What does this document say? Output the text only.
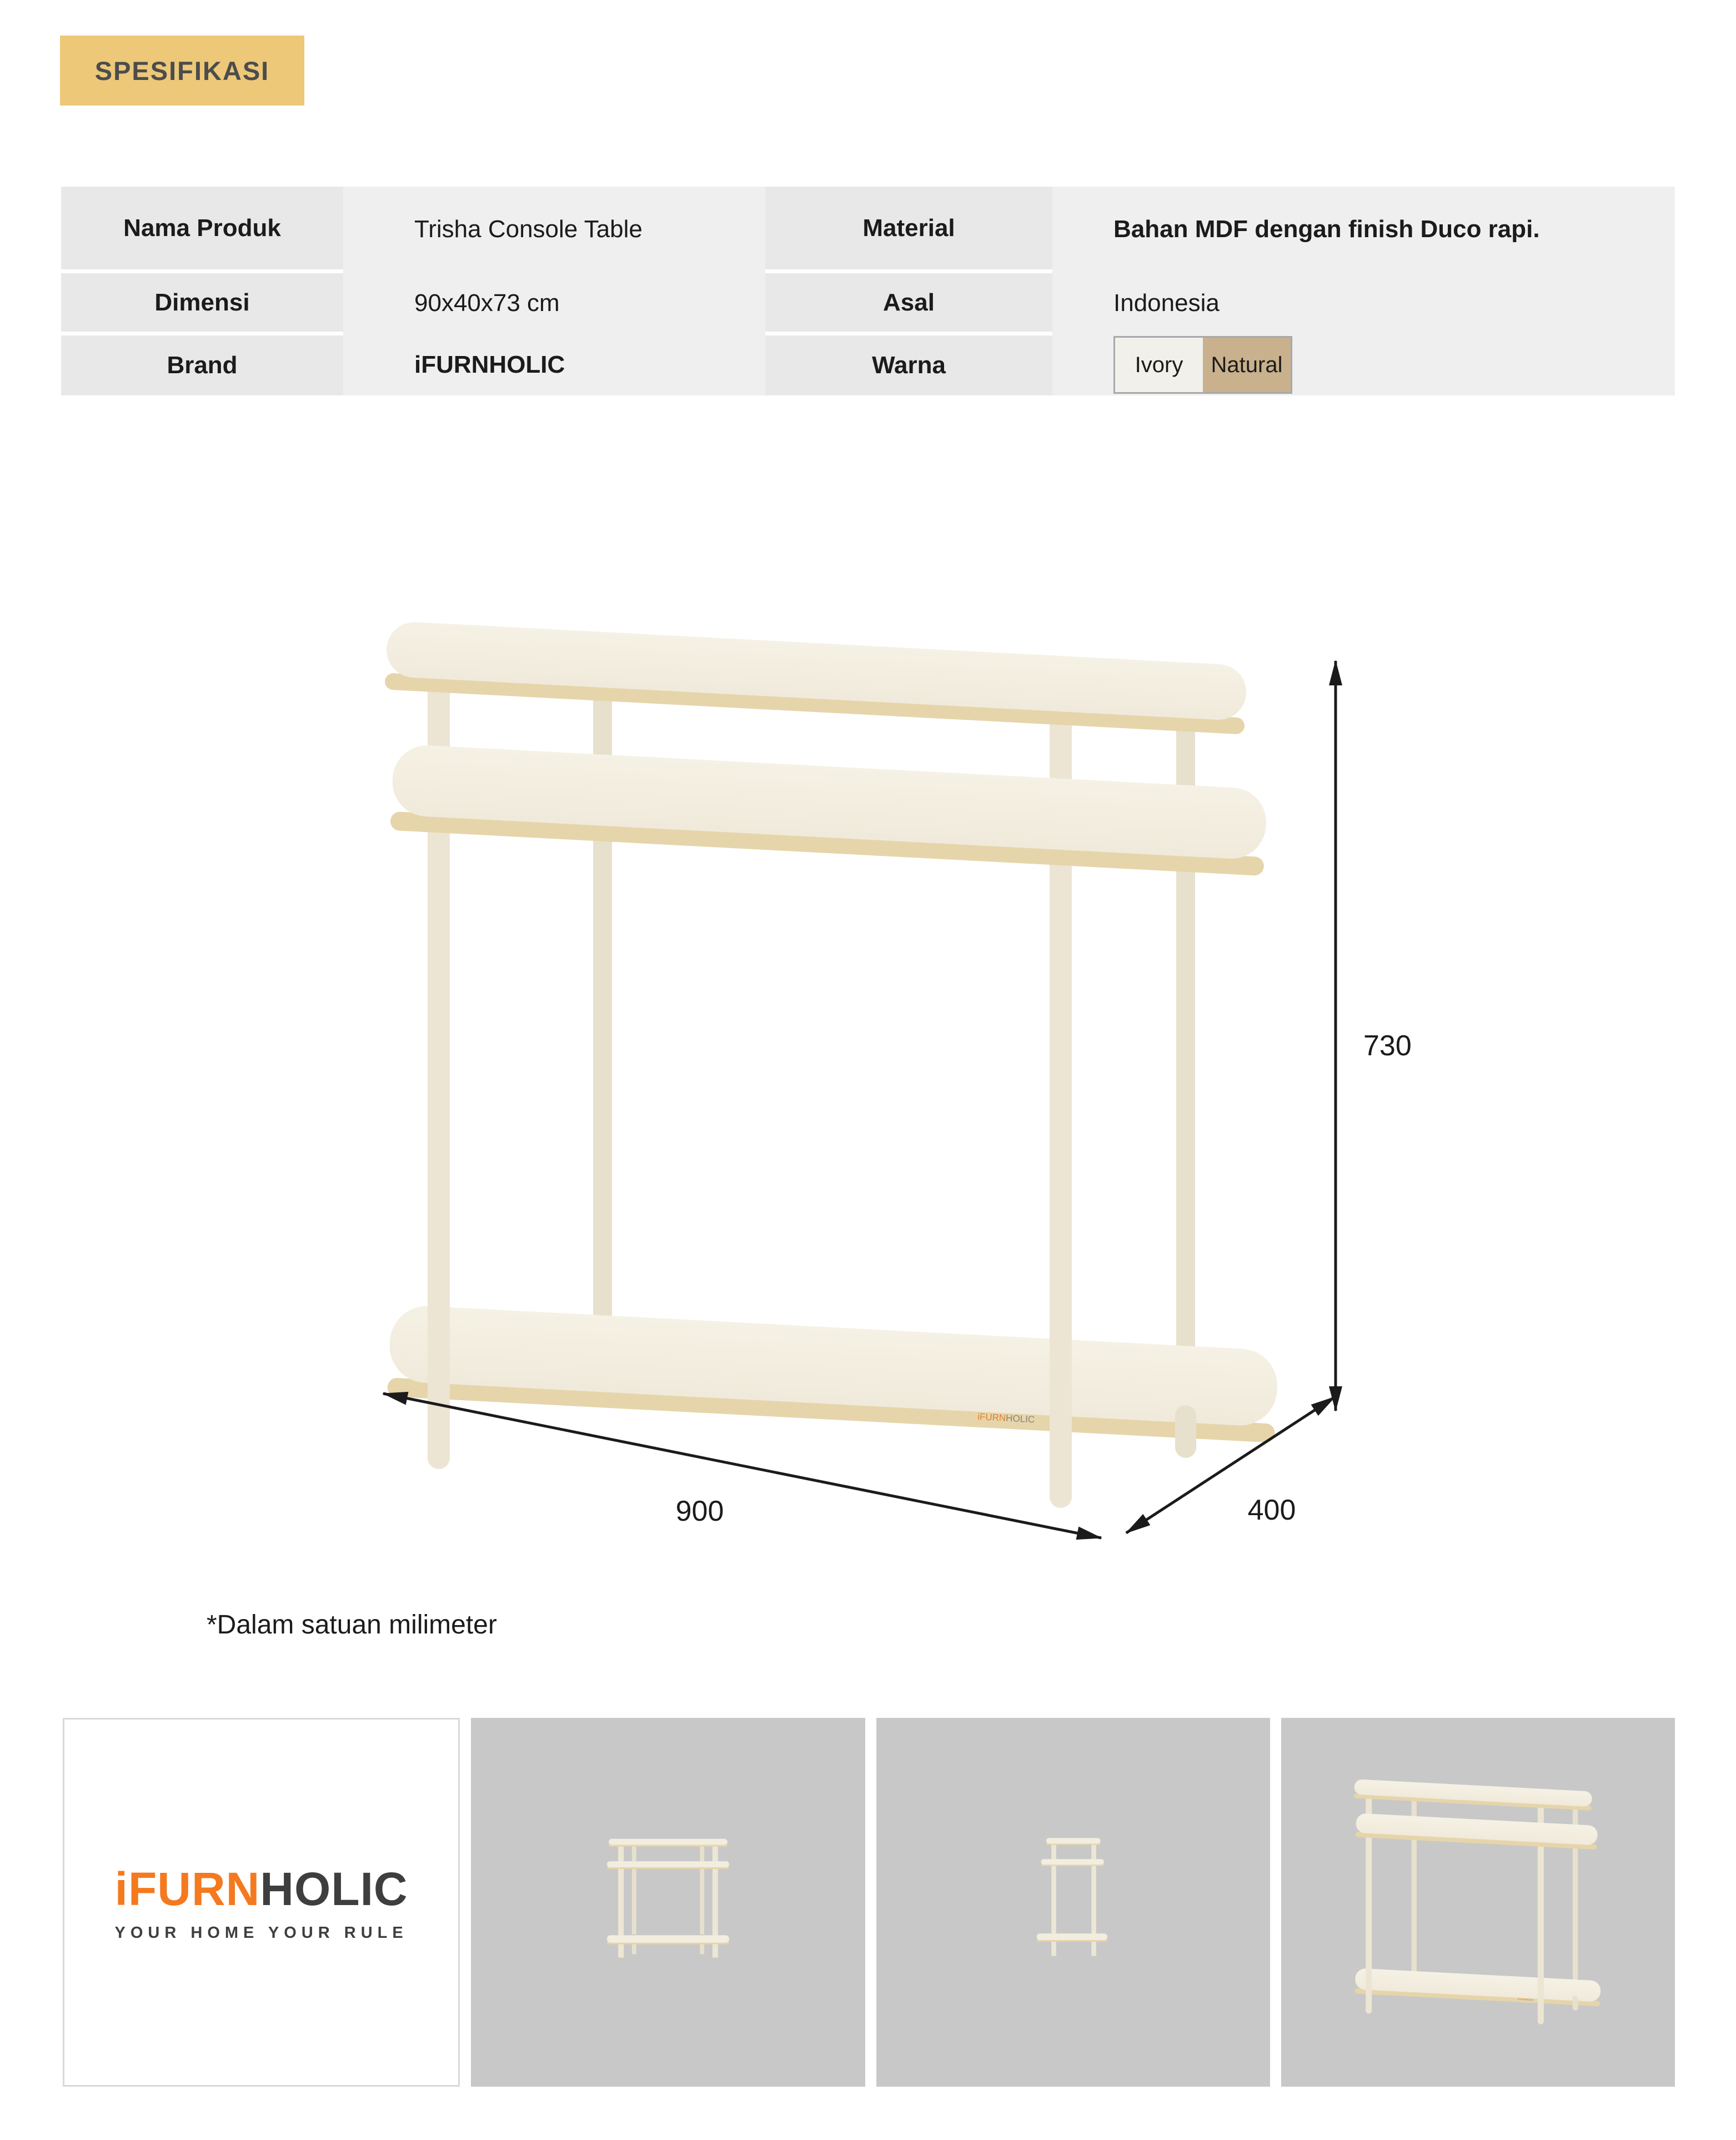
SPESIFIKASI
Nama Produk	Trisha Console Table	Material	Bahan MDF dengan finish Duco rapi.
Dimensi	90x40x73 cm	Asal	Indonesia
Brand	iFURNHOLIC	Warna	Ivory	Natural
730
900	400
*Dalam satuan milimeter
iFURNHOLIC
YOUR HOME YOUR RULE
